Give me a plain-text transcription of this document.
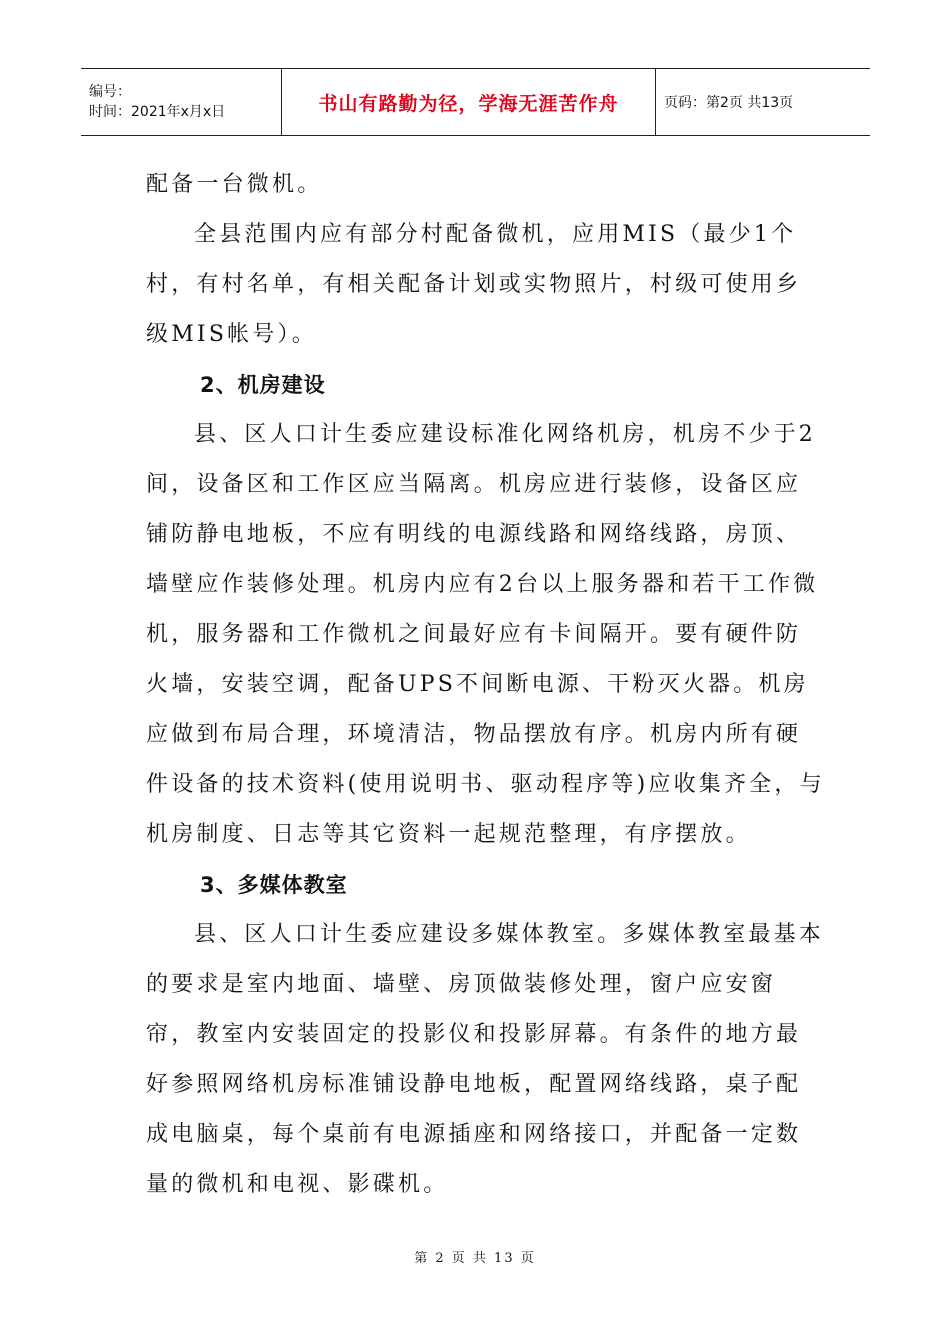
编号：
时间：2021年x月x日	书山有路勤为径，学海无涯苦作舟	页码：第2页 共13页

配备一台微机。

全县范围内应有部分村配备微机，应用MIS（最少1个村，有村名单，有相关配备计划或实物照片，村级可使用乡级MIS帐号）。

2、机房建设

县、区人口计生委应建设标准化网络机房，机房不少于2间，设备区和工作区应当隔离。机房应进行装修，设备区应铺防静电地板，不应有明线的电源线路和网络线路，房顶、墙壁应作装修处理。机房内应有2台以上服务器和若干工作微机，服务器和工作微机之间最好应有卡间隔开。要有硬件防火墙，安装空调，配备UPS不间断电源、干粉灭火器。机房应做到布局合理，环境清洁，物品摆放有序。机房内所有硬件设备的技术资料(使用说明书、驱动程序等)应收集齐全，与机房制度、日志等其它资料一起规范整理，有序摆放。

3、多媒体教室

县、区人口计生委应建设多媒体教室。多媒体教室最基本的要求是室内地面、墙壁、房顶做装修处理，窗户应安窗帘，教室内安装固定的投影仪和投影屏幕。有条件的地方最好参照网络机房标准铺设静电地板，配置网络线路，桌子配成电脑桌，每个桌前有电源插座和网络接口，并配备一定数量的微机和电视、影碟机。

第 2 页 共 13 页
